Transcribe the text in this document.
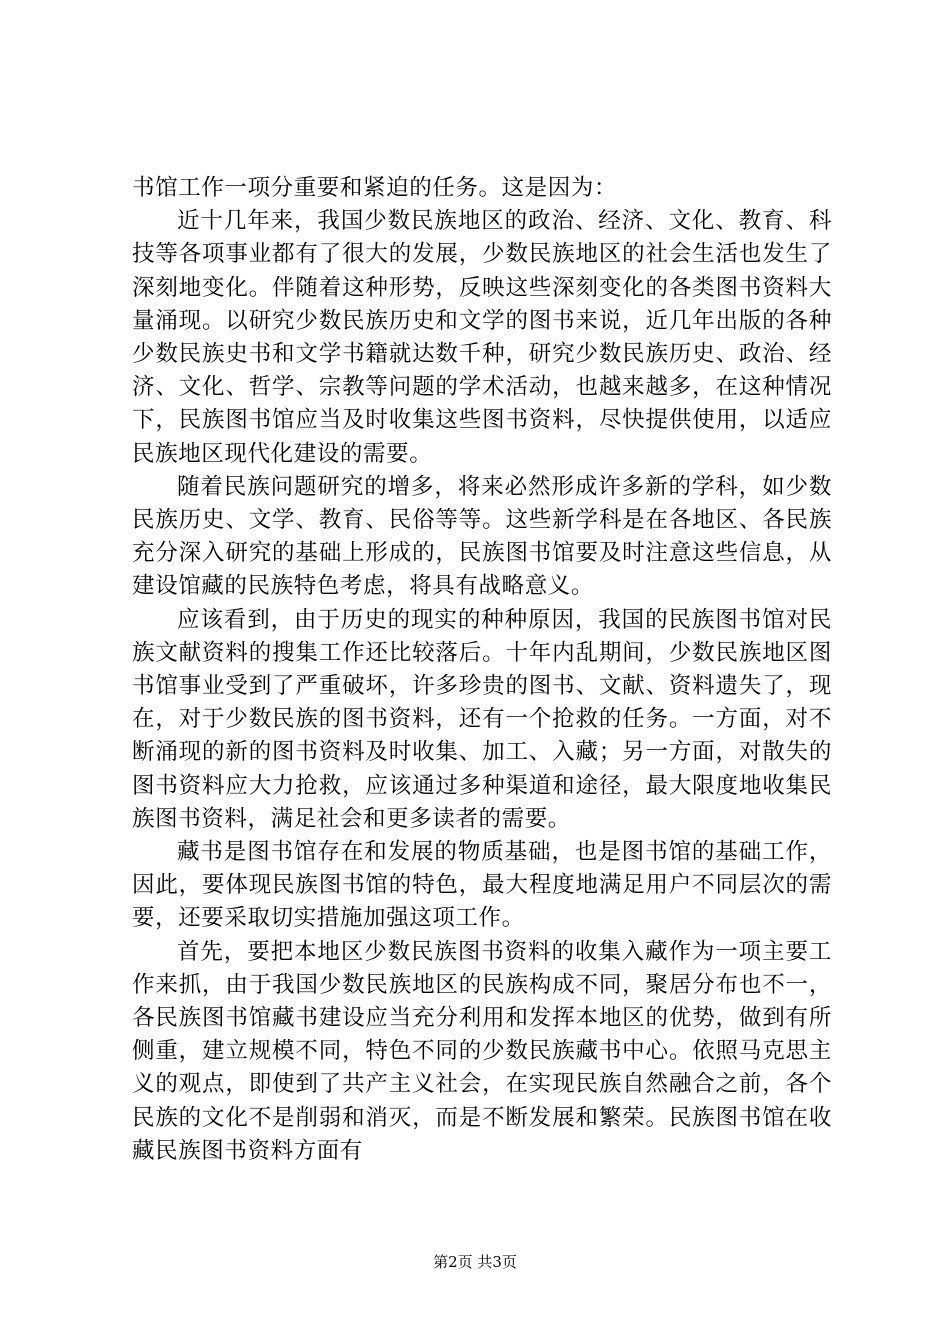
书馆工作一项分重要和紧迫的任务。这是因为：

近十几年来，我国少数民族地区的政治、经济、文化、教育、科技等各项事业都有了很大的发展，少数民族地区的社会生活也发生了深刻地变化。伴随着这种形势，反映这些深刻变化的各类图书资料大量涌现。以研究少数民族历史和文学的图书来说，近几年出版的各种少数民族史书和文学书籍就达数千种，研究少数民族历史、政治、经济、文化、哲学、宗教等问题的学术活动，也越来越多，在这种情况下，民族图书馆应当及时收集这些图书资料，尽快提供使用，以适应民族地区现代化建设的需要。

随着民族问题研究的增多，将来必然形成许多新的学科，如少数民族历史、文学、教育、民俗等等。这些新学科是在各地区、各民族充分深入研究的基础上形成的，民族图书馆要及时注意这些信息，从建设馆藏的民族特色考虑，将具有战略意义。

应该看到，由于历史的现实的种种原因，我国的民族图书馆对民族文献资料的搜集工作还比较落后。十年内乱期间，少数民族地区图书馆事业受到了严重破坏，许多珍贵的图书、文献、资料遗失了，现在，对于少数民族的图书资料，还有一个抢救的任务。一方面，对不断涌现的新的图书资料及时收集、加工、入藏；另一方面，对散失的图书资料应大力抢救，应该通过多种渠道和途径，最大限度地收集民族图书资料，满足社会和更多读者的需要。

藏书是图书馆存在和发展的物质基础，也是图书馆的基础工作，因此，要体现民族图书馆的特色，最大程度地满足用户不同层次的需要，还要采取切实措施加强这项工作。

首先，要把本地区少数民族图书资料的收集入藏作为一项主要工作来抓，由于我国少数民族地区的民族构成不同，聚居分布也不一，各民族图书馆藏书建设应当充分利用和发挥本地区的优势，做到有所侧重，建立规模不同，特色不同的少数民族藏书中心。依照马克思主义的观点，即使到了共产主义社会，在实现民族自然融合之前，各个民族的文化不是削弱和消灭，而是不断发展和繁荣。民族图书馆在收藏民族图书资料方面有

第2页 共3页
